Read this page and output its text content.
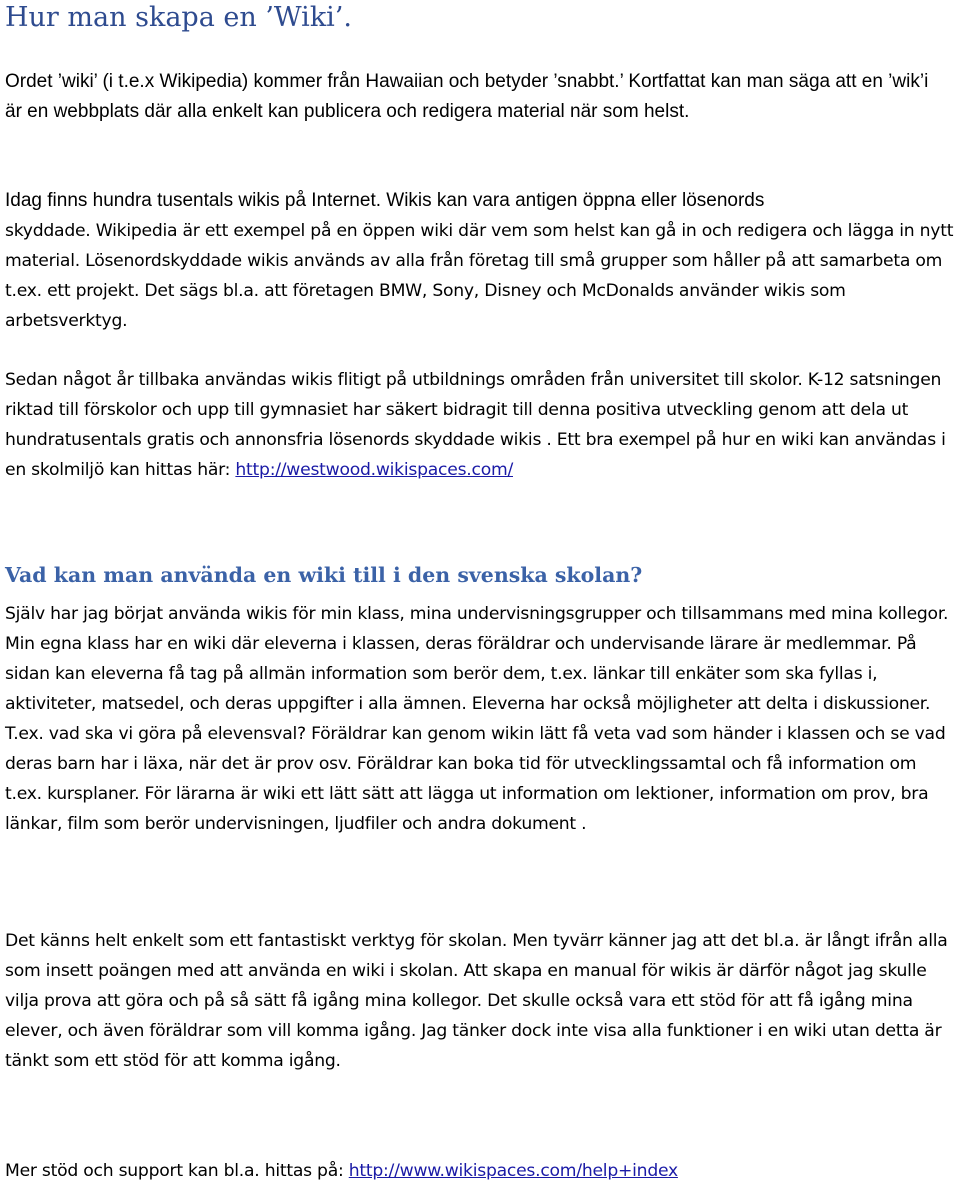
Hur man skapa en ’Wiki’.

Ordet ’wiki’ (i t.e.x Wikipedia) kommer från Hawaiian och betyder ’snabbt.’ Kortfattat kan man säga att en ’wik’i är en webbplats där alla enkelt kan publicera och redigera material när som helst.

Idag finns hundra tusentals wikis på Internet. Wikis kan vara antigen öppna eller lösenords

skyddade. Wikipedia är ett exempel på en öppen wiki där vem som helst kan gå in och redigera och lägga in nytt material. Lösenordskyddade wikis används av alla från företag till små grupper som håller på att samarbeta om t.ex. ett projekt. Det sägs bl.a. att företagen BMW, Sony, Disney och McDonalds använder wikis som arbetsverktyg.

Sedan något år tillbaka användas wikis flitigt på utbildnings områden från universitet till skolor. K-12 satsningen riktad till förskolor och upp till gymnasiet har säkert bidragit till denna positiva utveckling genom att dela ut hundratusentals gratis och annonsfria lösenords skyddade wikis . Ett bra exempel på hur en wiki kan användas i en skolmiljö kan hittas här: http://westwood.wikispaces.com/

Vad kan man använda en wiki till i den svenska skolan?

Själv har jag börjat använda wikis för min klass, mina undervisningsgrupper och tillsammans med mina kollegor. Min egna klass har en wiki där eleverna i klassen, deras föräldrar och undervisande lärare är medlemmar. På sidan kan eleverna få tag på allmän information som berör dem, t.ex. länkar till enkäter som ska fyllas i, aktiviteter, matsedel, och deras uppgifter i alla ämnen. Eleverna har också möjligheter att delta i diskussioner. T.ex. vad ska vi göra på elevensval? Föräldrar kan genom wikin lätt få veta vad som händer i klassen och se vad deras barn har i läxa, när det är prov osv. Föräldrar kan boka tid för utvecklingssamtal och få information om t.ex. kursplaner. För lärarna är wiki ett lätt sätt att lägga ut information om lektioner, information om prov, bra länkar, film som berör undervisningen, ljudfiler och andra dokument .

Det känns helt enkelt som ett fantastiskt verktyg för skolan. Men tyvärr känner jag att det bl.a. är långt ifrån alla som insett poängen med att använda en wiki i skolan. Att skapa en manual för wikis är därför något jag skulle vilja prova att göra och på så sätt få igång mina kollegor. Det skulle också vara ett stöd för att få igång mina elever, och även föräldrar som vill komma igång. Jag tänker dock inte visa alla funktioner i en wiki utan detta är tänkt som ett stöd för att komma igång.

Mer stöd och support kan bl.a. hittas på: http://www.wikispaces.com/help+index
